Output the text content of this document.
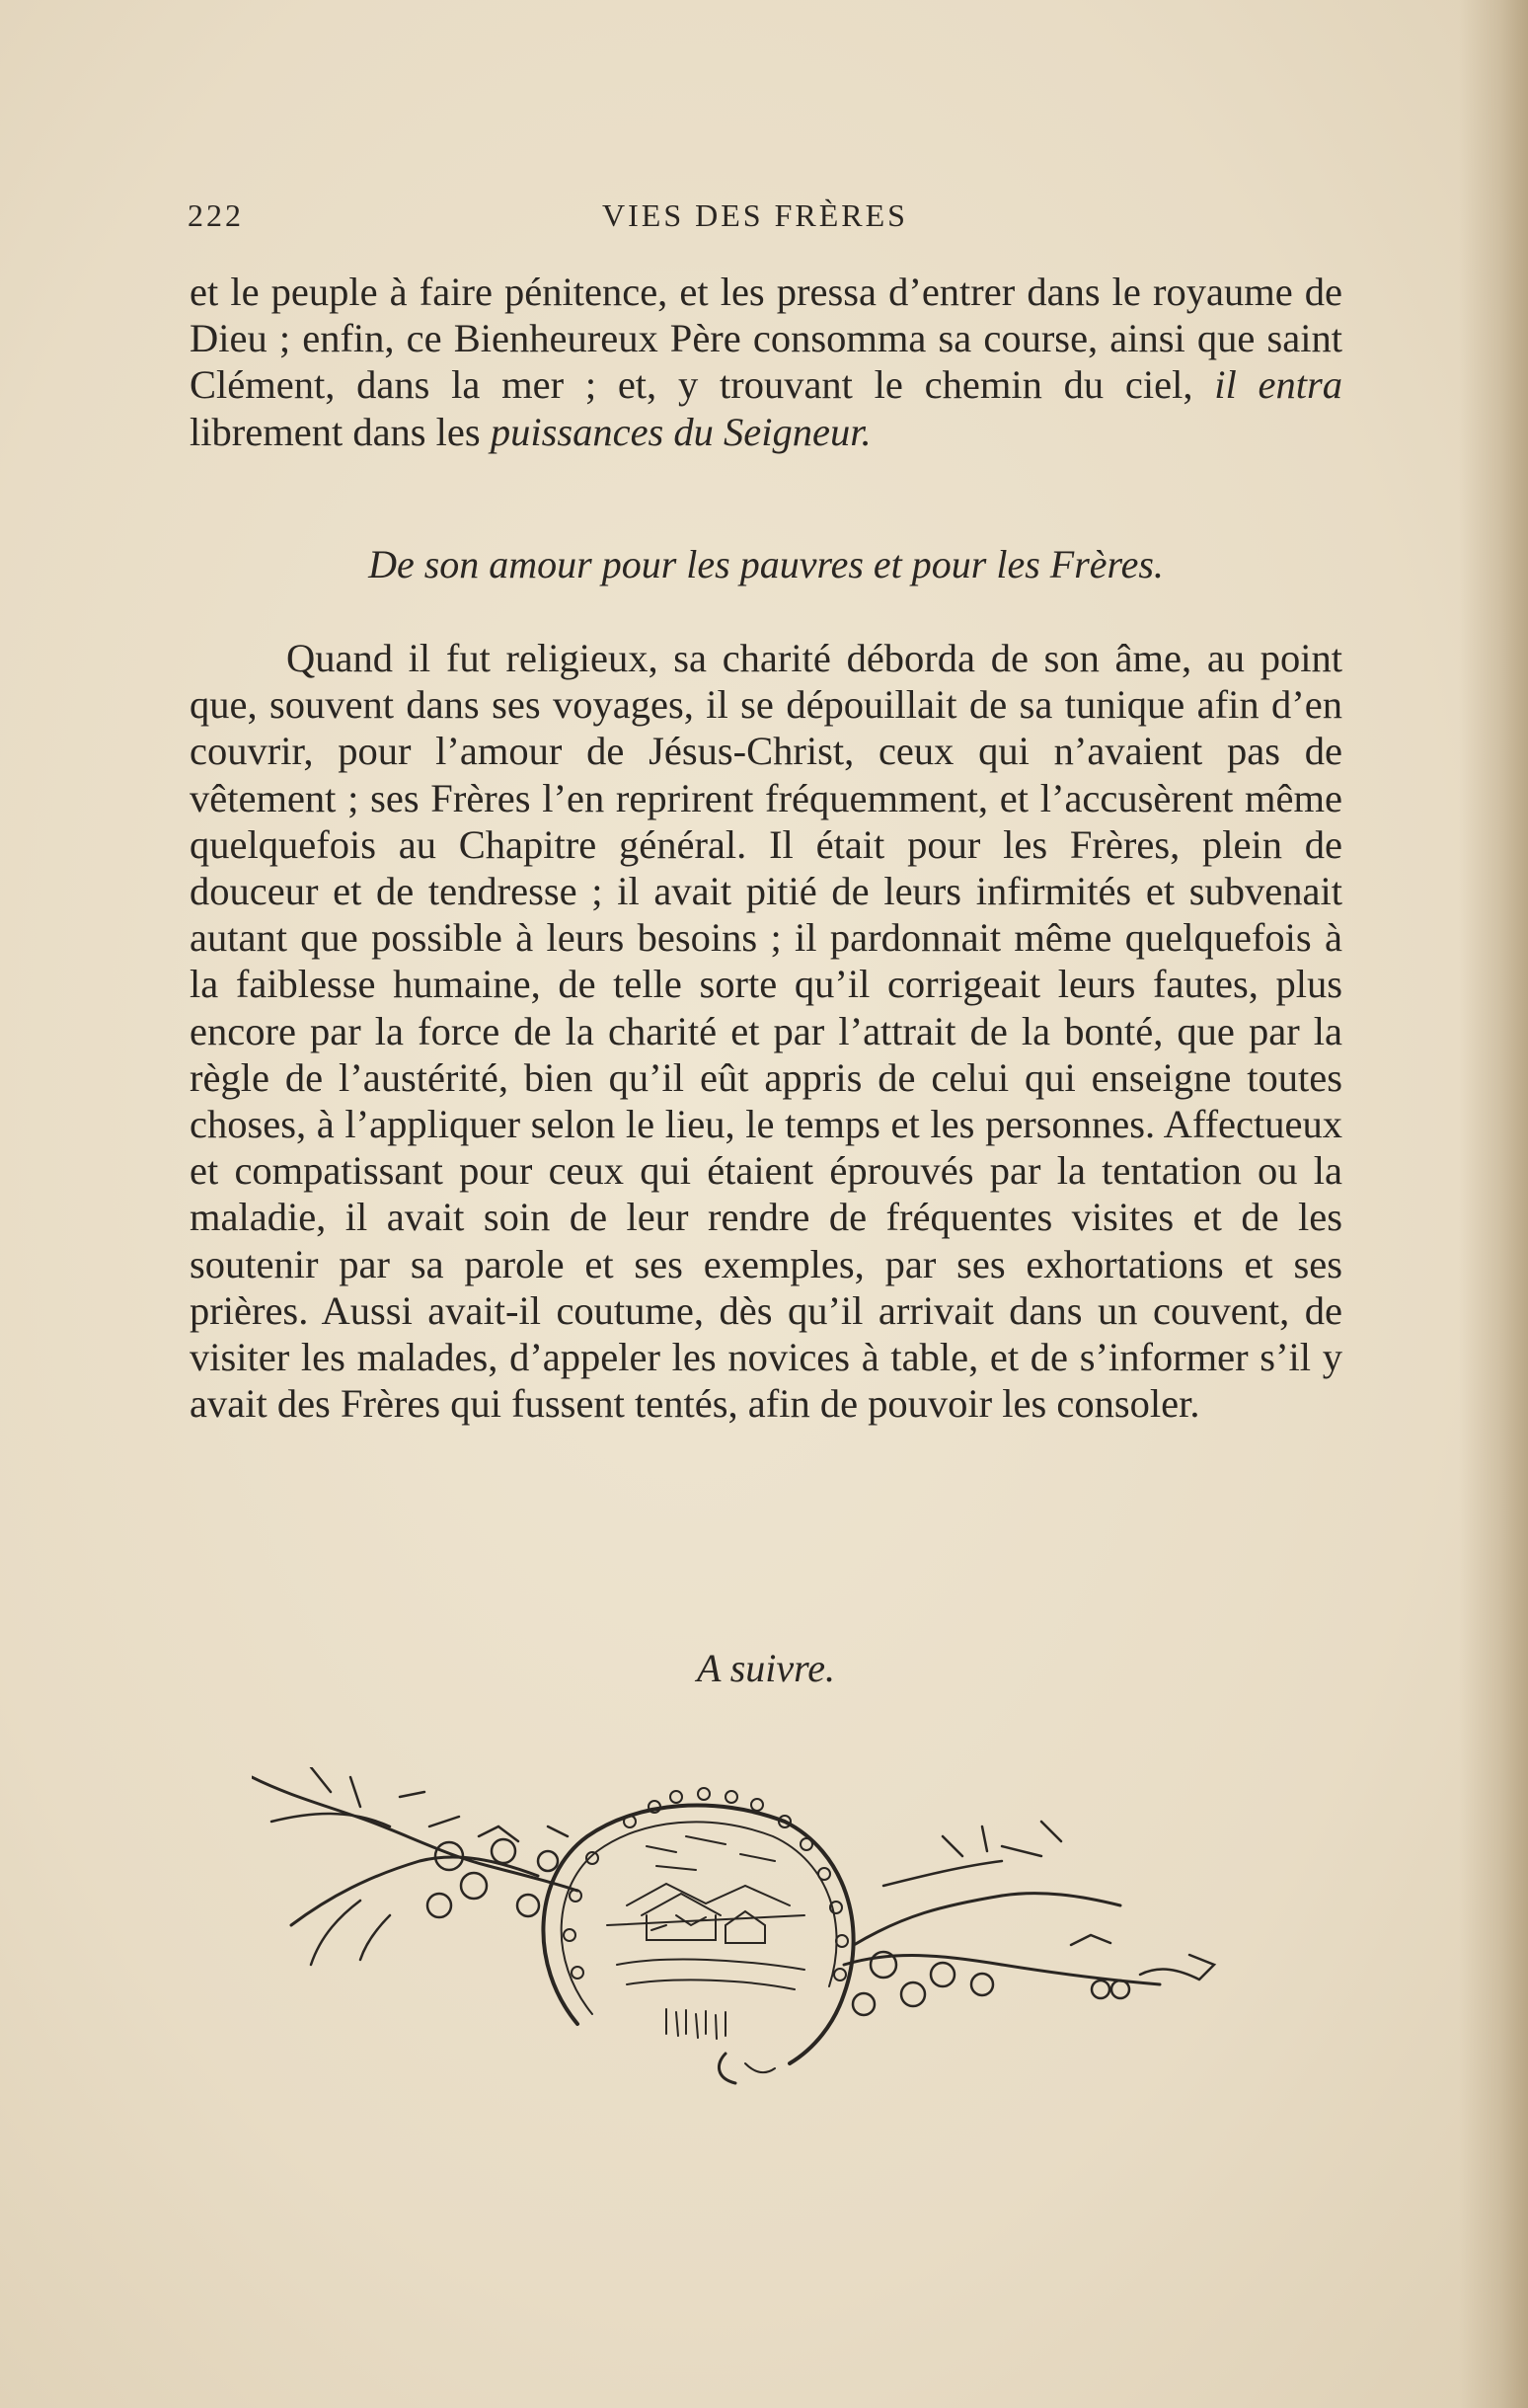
222	VIES DES FRÈRES

et le peuple à faire pénitence, et les pressa d’entrer dans le royaume de Dieu ; enfin, ce Bienheureux Père consomma sa course, ainsi que saint Clément, dans la mer ; et, y trouvant le chemin du ciel, il entra librement dans les puissances du Seigneur.

De son amour pour les pauvres et pour les Frères.

Quand il fut religieux, sa charité déborda de son âme, au point que, souvent dans ses voyages, il se dépouillait de sa tunique afin d’en couvrir, pour l’amour de Jésus-Christ, ceux qui n’avaient pas de vêtement ; ses Frères l’en reprirent fréquemment, et l’accusèrent même quelquefois au Chapitre général. Il était pour les Frères, plein de douceur et de tendresse ; il avait pitié de leurs infirmités et subvenait autant que possible à leurs besoins ; il pardonnait même quelquefois à la faiblesse humaine, de telle sorte qu’il corrigeait leurs fautes, plus encore par la force de la charité et par l’attrait de la bonté, que par la règle de l’austérité, bien qu’il eût appris de celui qui enseigne toutes choses, à l’appliquer selon le lieu, le temps et les personnes. Affectueux et compatissant pour ceux qui étaient éprouvés par la tentation ou la maladie, il avait soin de leur rendre de fréquentes visites et de les soutenir par sa parole et ses exemples, par ses exhortations et ses prières. Aussi avait-il coutume, dès qu’il arrivait dans un couvent, de visiter les malades, d’appeler les novices à table, et de s’informer s’il y avait des Frères qui fussent tentés, afin de pouvoir les consoler.

A suivre.
